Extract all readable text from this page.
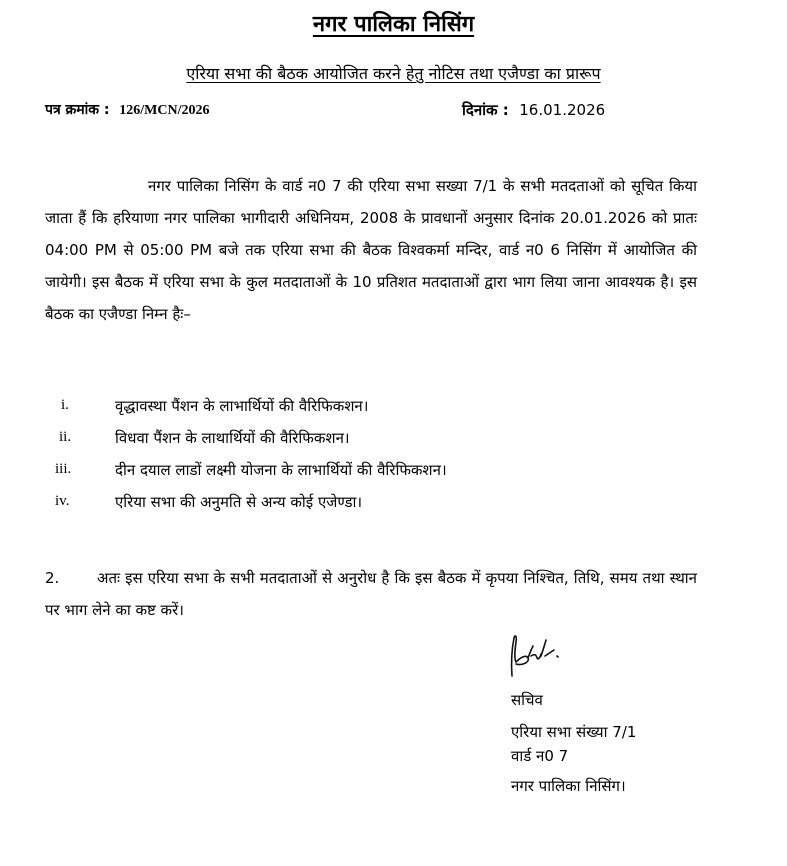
नगर पालिका निसिंग
एरिया सभा की बैठक आयोजित करने हेतु नोटिस तथा एजैण्डा का प्रारूप
पत्र क्रमांक : 126/MCN/2026	दिनांक : 16.01.2026
नगर पालिका निसिंग के वार्ड न0 7 की एरिया सभा सख्या 7/1 के सभी मतदताओं को सूचित किया जाता हैं कि हरियाणा नगर पालिका भागीदारी अधिनियम, 2008 के प्रावधानों अनुसार दिनांक 20.01.2026 को प्रातः 04:00 PM से 05:00 PM बजे तक एरिया सभा की बैठक विश्वकर्मा मन्दिर, वार्ड न0 6 निसिंग में आयोजित की जायेगी। इस बैठक में एरिया सभा के कुल मतदाताओं के 10 प्रतिशत मतदाताओं द्वारा भाग लिया जाना आवश्यक है। इस बैठक का एजैण्डा निम्न हैः–
i.	वृद्धावस्था पैंशन के लाभार्थियों की वैरिफिकशन।
ii.	विधवा पैंशन के लाथार्थियों की वैरिफिकशन।
iii.	दीन दयाल लाडों लक्ष्मी योजना के लाभार्थियों की वैरिफिकशन।
iv.	एरिया सभा की अनुमति से अन्य कोई एजेण्डा।
2.	अतः इस एरिया सभा के सभी मतदाताओं से अनुरोध है कि इस बैठक में कृपया निश्चित, तिथि, समय तथा स्थान पर भाग लेने का कष्ट करें।
सचिव
एरिया सभा संख्या 7/1
वार्ड न0 7
नगर पालिका निसिंग।
